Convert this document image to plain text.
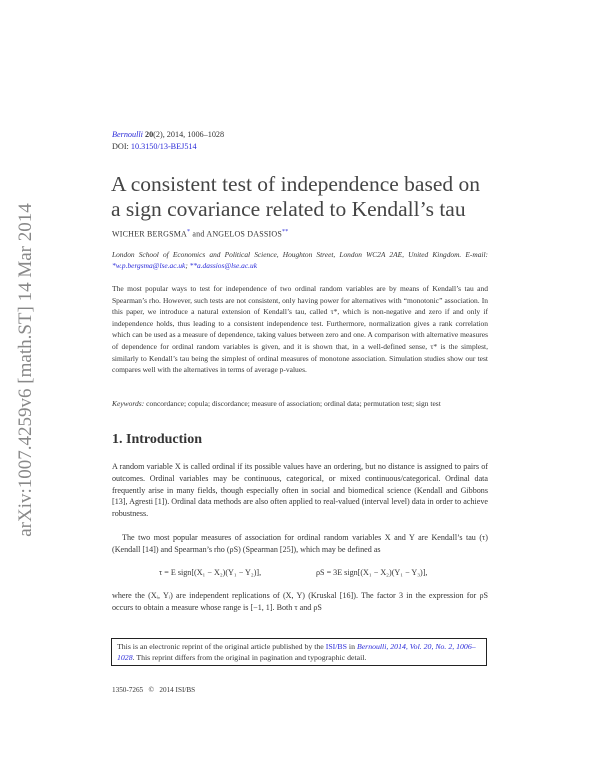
arXiv:1007.4259v6 [math.ST] 14 Mar 2014
Bernoulli 20(2), 2014, 1006–1028
DOI: 10.3150/13-BEJ514
A consistent test of independence based on
a sign covariance related to Kendall’s tau
WICHER BERGSMA* and ANGELOS DASSIOS**
London School of Economics and Political Science, Houghton Street, London WC2A 2AE, United Kingdom. E-mail: *w.p.bergsma@lse.ac.uk; **a.dassios@lse.ac.uk
The most popular ways to test for independence of two ordinal random variables are by means of Kendall’s tau and Spearman’s rho. However, such tests are not consistent, only having power for alternatives with “monotonic” association. In this paper, we introduce a natural extension of Kendall’s tau, called τ*, which is non-negative and zero if and only if independence holds, thus leading to a consistent independence test. Furthermore, normalization gives a rank correlation which can be used as a measure of dependence, taking values between zero and one. A comparison with alternative measures of dependence for ordinal random variables is given, and it is shown that, in a well-defined sense, τ* is the simplest, similarly to Kendall’s tau being the simplest of ordinal measures of monotone association. Simulation studies show our test compares well with the alternatives in terms of average p-values.
Keywords: concordance; copula; discordance; measure of association; ordinal data; permutation test; sign test
1. Introduction
A random variable X is called ordinal if its possible values have an ordering, but no distance is assigned to pairs of outcomes. Ordinal variables may be continuous, categorical, or mixed continuous/categorical. Ordinal data frequently arise in many fields, though especially often in social and biomedical science (Kendall and Gibbons [13], Agresti [1]). Ordinal data methods are also often applied to real-valued (interval level) data in order to achieve robustness.
The two most popular measures of association for ordinal random variables X and Y are Kendall’s tau (τ) (Kendall [14]) and Spearman’s rho (ρS) (Spearman [25]), which may be defined as
τ = E sign[(X₁ − X₂)(Y₁ − Y₂)],	ρS = 3E sign[(X₁ − X₂)(Y₁ − Y₃)],
where the (Xᵢ, Yᵢ) are independent replications of (X, Y) (Kruskal [16]). The factor 3 in the expression for ρS occurs to obtain a measure whose range is [−1, 1]. Both τ and ρS
This is an electronic reprint of the original article published by the ISI/BS in Bernoulli, 2014, Vol. 20, No. 2, 1006–1028. This reprint differs from the original in pagination and typographic detail.
1350-7265   ©   2014 ISI/BS
